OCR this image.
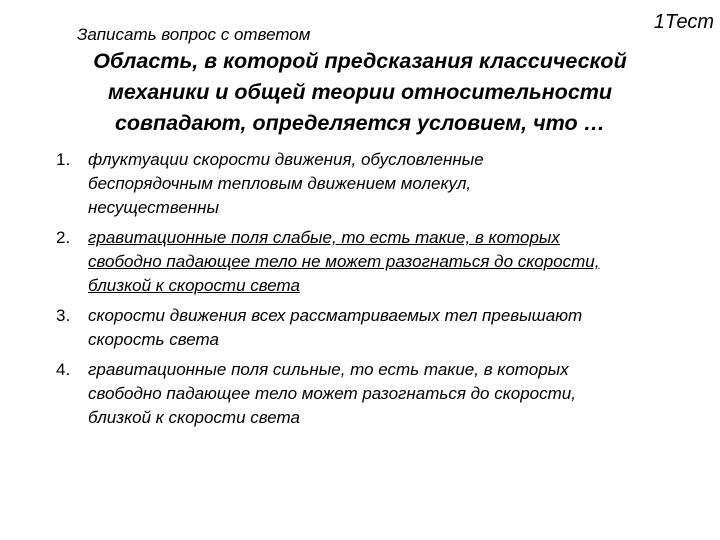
Записать вопрос с ответом
1Тест
Область, в которой предсказания классической механики и общей теории относительности совпадают, определяется условием, что …
1.	флуктуации скорости движения, обусловленные
беспорядочным тепловым движением молекул,
несущественны
2.	гравитационные поля слабые, то есть такие, в которых
свободно падающее тело не может разогнаться до скорости,
близкой к скорости света
3.	скорости движения всех рассматриваемых тел превышают
скорость света
4.	гравитационные поля сильные, то есть такие, в которых
свободно падающее тело может разогнаться до скорости,
близкой к скорости света
